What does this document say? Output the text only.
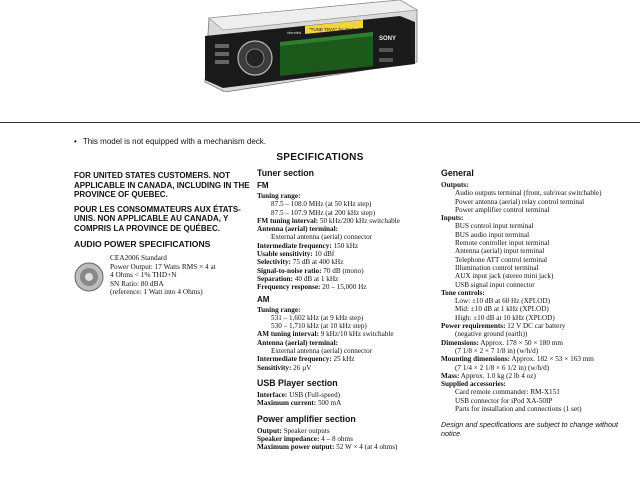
"TUNE TRAY" for iPod
SONY
xtended
• This model is not equipped with a mechanism deck.
SPECIFICATIONS

FOR UNITED STATES CUSTOMERS. NOT APPLICABLE IN CANADA, INCLUDING IN THE PROVINCE OF QUEBEC.

POUR LES CONSOMMATEURS AUX ÉTATS-UNIS. NON APPLICABLE AU CANADA, Y COMPRIS LA PROVINCE DE QUÉBEC.

AUDIO POWER SPECIFICATIONS
CEA2006 Standard
Power Output: 17 Watts RMS × 4 at
4 Ohms < 1% THD+N
SN Ratio: 80 dBA
(reference: 1 Watt into 4 Ohms)
Tuner section
FM
Tuning range:
87.5 – 108.0 MHz (at 50 kHz step)
87.5 – 107.9 MHz (at 200 kHz step)
FM tuning interval: 50 kHz/200 kHz switchable
Antenna (aerial) terminal:
External antenna (aerial) connector
Intermediate frequency: 150 kHz
Usable sensitivity: 10 dBf
Selectivity: 75 dB at 400 kHz
Signal-to-noise ratio: 70 dB (mono)
Separation: 40 dB at 1 kHz
Frequency response: 20 – 15,000 Hz
AM
Tuning range:
531 – 1,602 kHz (at 9 kHz step)
530 – 1,710 kHz (at 10 kHz step)
AM tuning interval: 9 kHz/10 kHz switchable
Antenna (aerial) terminal:
External antenna (aerial) connector
Intermediate frequency: 25 kHz
Sensitivity: 26 µV
USB Player section
Interface: USB (Full-speed)
Maximum current: 500 mA
Power amplifier section
Output: Speaker outputs
Speaker impedance: 4 – 8 ohms
Maximum power output: 52 W × 4 (at 4 ohms)
General
Outputs:
Audio outputs terminal (front, sub/rear switchable)
Power antenna (aerial) relay control terminal
Power amplifier control terminal
Inputs:
BUS control input terminal
BUS audio input terminal
Remote controller input terminal
Antenna (aerial) input terminal
Telephone ATT control terminal
Illumination control terminal
AUX input jack (stereo mini jack)
USB signal input connector
Tone controls:
Low: ±10 dB at 60 Hz (XPLOD)
Mid: ±10 dB at 1 kHz (XPLOD)
High: ±10 dB at 10 kHz (XPLOD)
Power requirements: 12 V DC car battery
(negative ground (earth))
Dimensions: Approx. 178 × 50 × 180 mm
(7 1/8 × 2 × 7 1/8 in) (w/h/d)
Mounting dimensions: Approx. 182 × 53 × 163 mm
(7 1/4 × 2 1/8 × 6 1/2 in) (w/h/d)
Mass: Approx. 1.0 kg (2 lb 4 oz)
Supplied accessories:
Card remote commander: RM-X151
USB connector for iPod XA-50IP
Parts for installation and connections (1 set)
Design and specifications are subject to change without notice.
